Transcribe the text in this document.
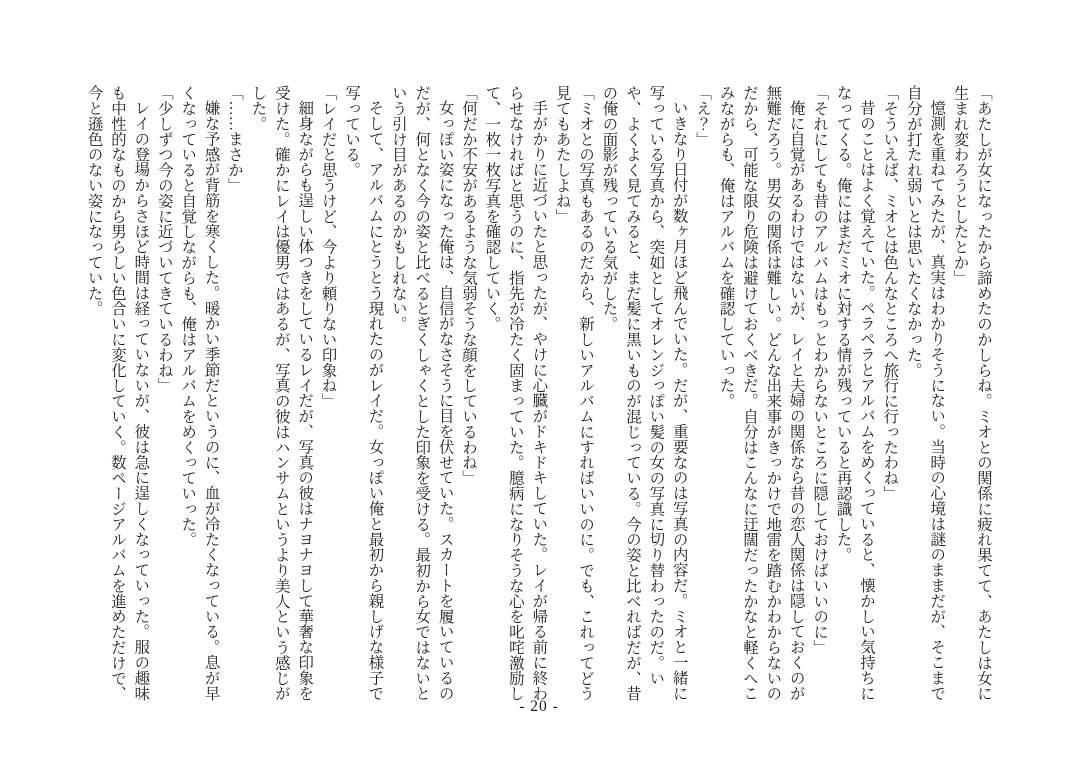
「あたしが女になったから諦めたのかしらね。ミオとの関係に疲れ果てて、あたしは女に生まれ変わろうとしたとか」

憶測を重ねてみたが、真実はわかりそうにない。当時の心境は謎のままだが、そこまで自分が打たれ弱いとは思いたくなかった。

「そういえば、ミオとは色んなところへ旅行に行ったわね」

昔のことはよく覚えていた。ペラペラとアルバムをめくっていると、懐かしい気持ちになってくる。俺にはまだミオに対する情が残っていると再認識した。

「それにしても昔のアルバムはもっとわからないところに隠しておけばいいのに」

俺に自覚があるわけではないが、レイと夫婦の関係なら昔の恋人関係は隠しておくのが無難だろう。男女の関係は難しい。どんな出来事がきっかけで地雷を踏むかわからないのだから、可能な限り危険は避けておくべきだ。自分はこんなに迂闊だったかなと軽くへこみながらも、俺はアルバムを確認していった。

「え？」

いきなり日付が数ヶ月ほど飛んでいた。だが、重要なのは写真の内容だ。ミオと一緒に写っている写真から、突如としてオレンジっぽい髪の女の写真に切り替わったのだ。いや、よくよく見てみると、まだ髪に黒いものが混じっている。今の姿と比べればだが、昔の俺の面影が残っている気がした。

「ミオとの写真もあるのだから、新しいアルバムにすればいいのに。でも、これってどう見てもあたしよね」

手がかりに近づいたと思ったが、やけに心臓がドキドキしていた。レイが帰る前に終わらせなければと思うのに、指先が冷たく固まっていた。臆病になりそうな心を叱咤激励して、一枚一枚写真を確認していく。

「何だか不安があるような気弱そうな顔をしているわね」

女っぽい姿になった俺は、自信がなさそうに目を伏せていた。スカートを履いているのだが、何となく今の姿と比べるとぎくしゃくとした印象を受ける。最初から女ではないという引け目があるのかもしれない。

そして、アルバムにとうとう現れたのがレイだ。女っぽい俺と最初から親しげな様子で写っている。

「レイだと思うけど、今より頼りない印象ね」

細身ながらも逞しい体つきをしているレイだが、写真の彼はナヨナヨして華奢な印象を受けた。確かにレイは優男ではあるが、写真の彼はハンサムというより美人という感じがした。

「……まさか」

嫌な予感が背筋を寒くした。暖かい季節だというのに、血が冷たくなっている。息が早くなっていると自覚しながらも、俺はアルバムをめくっていった。

「少しずつ今の姿に近づいてきているわね」

レイの登場からさほど時間は経っていないが、彼は急に逞しくなっていった。服の趣味も中性的なものから男らしい色合いに変化していく。数ページアルバムを進めただけで、今と遜色のない姿になっていた。

- 20 -
